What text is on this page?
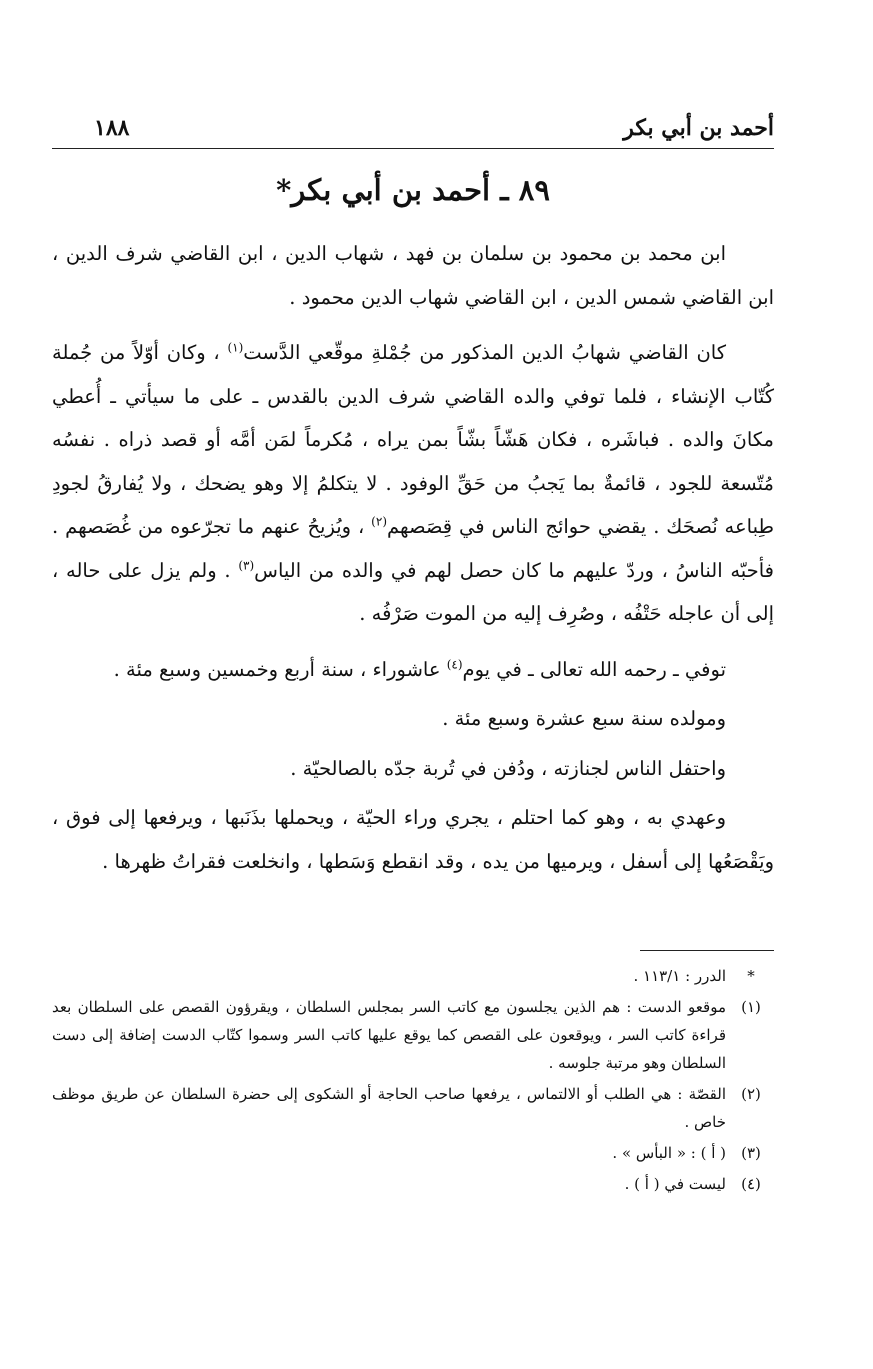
أحمد بن أبي بكر
١٨٨
٨٩ ـ أحمد بن أبي بكر*

ابن محمد بن محمود بن سلمان بن فهد ، شهاب الدين ، ابن القاضي شرف الدين ، ابن القاضي شمس الدين ، ابن القاضي شهاب الدين محمود .

كان القاضي شهابُ الدين المذكور من جُمْلةِ موقّعي الدَّست$^{(١)}$ ، وكان أوّلاً من جُملة كُتّاب الإنشاء ، فلما توفي والده القاضي شرف الدين بالقدس ـ على ما سيأتي ـ أُعطي مكانَ والده . فباشَره ، فكان هَشّاً بشّاً بمن يراه ، مُكرماً لمَن أمَّه أو قصد ذراه . نفسُه مُتّسعة للجود ، قائمةٌ بما يَجبُ من حَقِّ الوفود . لا يتكلمُ إلا وهو يضحك ، ولا يُفارقُ لجودِ طِباعه نُصحَك . يقضي حوائج الناس في قِصَصهم$^{(٢)}$ ، ويُزيحُ عنهم ما تجرّعوه من غُصَصهم . فأحبّه الناسُ ، وردّ عليهم ما كان حصل لهم في والده من الياس$^{(٣)}$ . ولم يزل على حاله ، إلى أن عاجله حَتْفُه ، وصُرِف إليه من الموت صَرْفُه .

توفي ـ رحمه الله تعالى ـ في يوم$^{(٤)}$ عاشوراء ، سنة أربع وخمسين وسبع مئة .

ومولده سنة سبع عشرة وسبع مئة .

واحتفل الناس لجنازته ، ودُفن في تُربة جدّه بالصالحيّة .

وعهدي به ، وهو كما احتلم ، يجري وراء الحيّة ، ويحملها بذَنَبها ، ويرفعها إلى فوق ، ويَقْصَعُها إلى أسفل ، ويرميها من يده ، وقد انقطع وَسَطها ، وانخلعت فقراتُ ظهرها .

*
الدرر : ١١٣/١ .
(١)
موقعو الدست : هم الذين يجلسون مع كاتب السر بمجلس السلطان ، ويقرؤون القصص على السلطان بعد قراءة كاتب السر ، ويوقعون على القصص كما يوقع عليها كاتب السر وسموا كتّاب الدست إضافة إلى دست السلطان وهو مرتبة جلوسه .
(٢)
القصّة : هي الطلب أو الالتماس ، يرفعها صاحب الحاجة أو الشكوى إلى حضرة السلطان عن طريق موظف خاص .
(٣)
( أ ) : « البأس » .
(٤)
ليست في ( أ ) .
